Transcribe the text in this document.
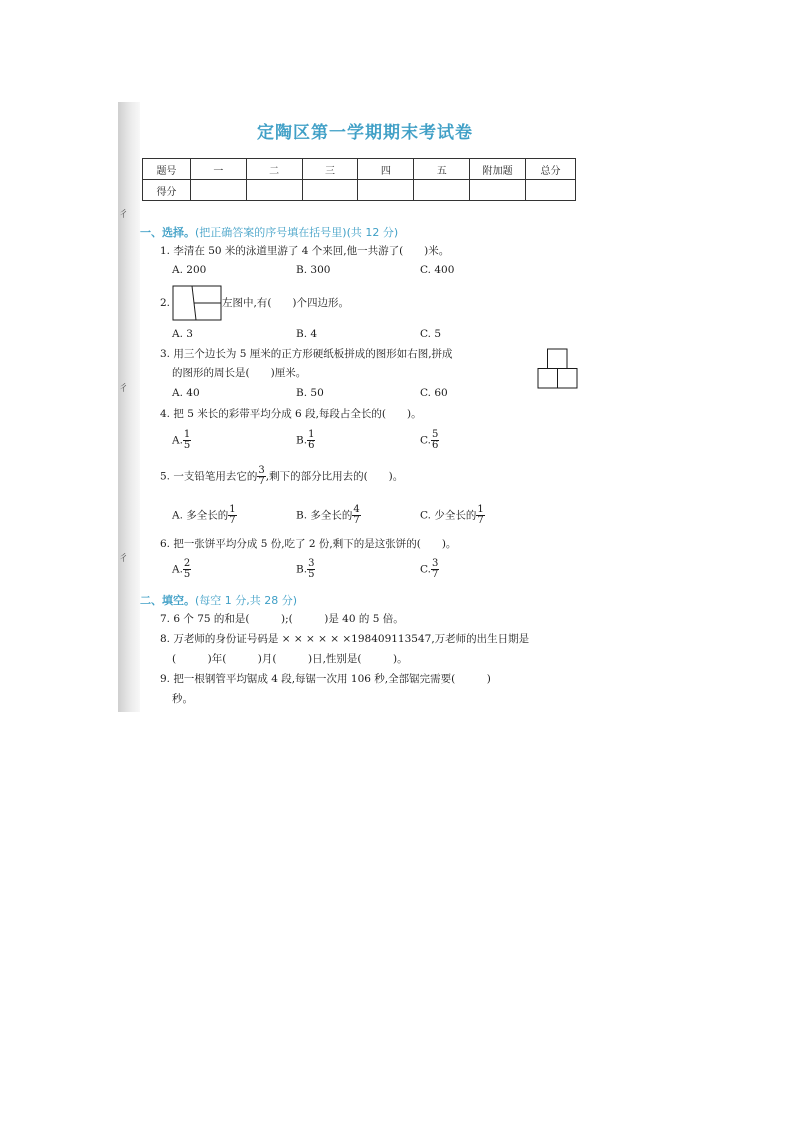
彳
彳
彳
定陶区第一学期期末考试卷
题号	一	二	三	四	五	附加题	总分
得分							
一、选择。(把正确答案的序号填在括号里)(共 12 分)
1. 李清在 50 米的泳道里游了 4 个来回,他一共游了(　　)米。
A. 200	B. 300	C. 400
2.	左图中,有(　　)个四边形。
A. 3	B. 4	C. 5
3. 用三个边长为 5 厘米的正方形硬纸板拼成的图形如右图,拼成
的图形的周长是(　　)厘米。
A. 40	B. 50	C. 60
4. 把 5 米长的彩带平均分成 6 段,每段占全长的(　　)。
A. $\frac{1}{5}$	B. $\frac{1}{6}$	C. $\frac{5}{6}$
5. 一支铅笔用去它的 $\frac{3}{7}$ ,剩下的部分比用去的(　　)。
A. 多全长的 $\frac{1}{7}$	B. 多全长的 $\frac{4}{7}$	C. 少全长的 $\frac{1}{7}$
6. 把一张饼平均分成 5 份,吃了 2 份,剩下的是这张饼的(　　)。
A. $\frac{2}{5}$	B. $\frac{3}{5}$	C. $\frac{3}{7}$
二、填空。(每空 1 分,共 28 分)
7. 6 个 75 的和是(　　　);(　　　)是 40 的 5 倍。
8. 万老师的身份证号码是 × × × × × ×198409113547,万老师的出生日期是
(　　　)年(　　　)月(　　　)日,性别是(　　　)。
9. 把一根钢管平均锯成 4 段,每锯一次用 106 秒,全部锯完需要(　　　)
秒。
